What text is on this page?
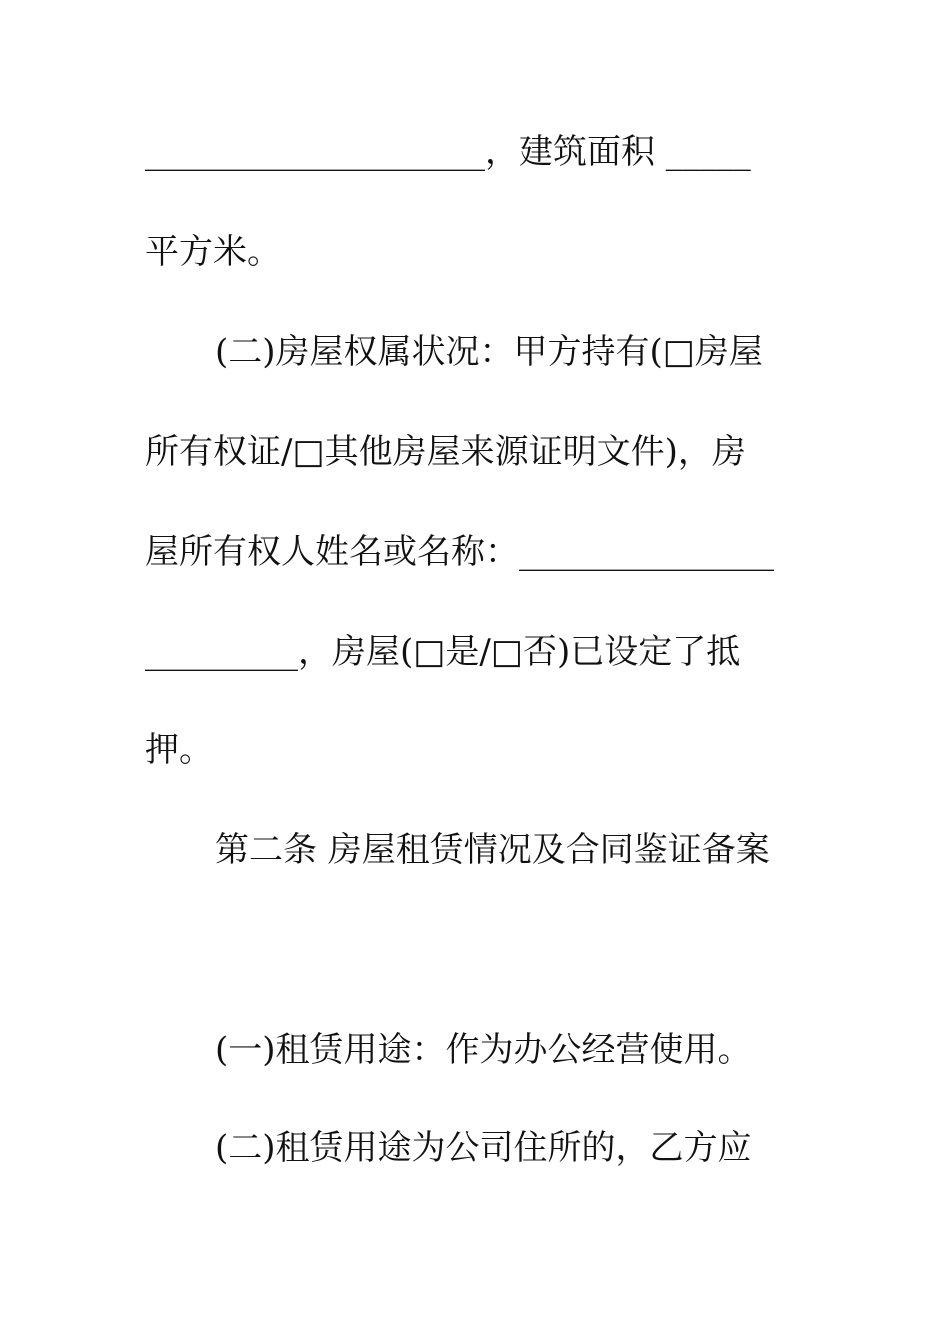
____________________，建筑面积 _____
平方米。
(二)房屋权属状况：甲方持有(□房屋
所有权证/□其他房屋来源证明文件)，房
屋所有权人姓名或名称：_______________
_________，房屋(□是/□否)已设定了抵
押。
第二条 房屋租赁情况及合同鉴证备案
(一)租赁用途：作为办公经营使用。
(二)租赁用途为公司住所的，乙方应
